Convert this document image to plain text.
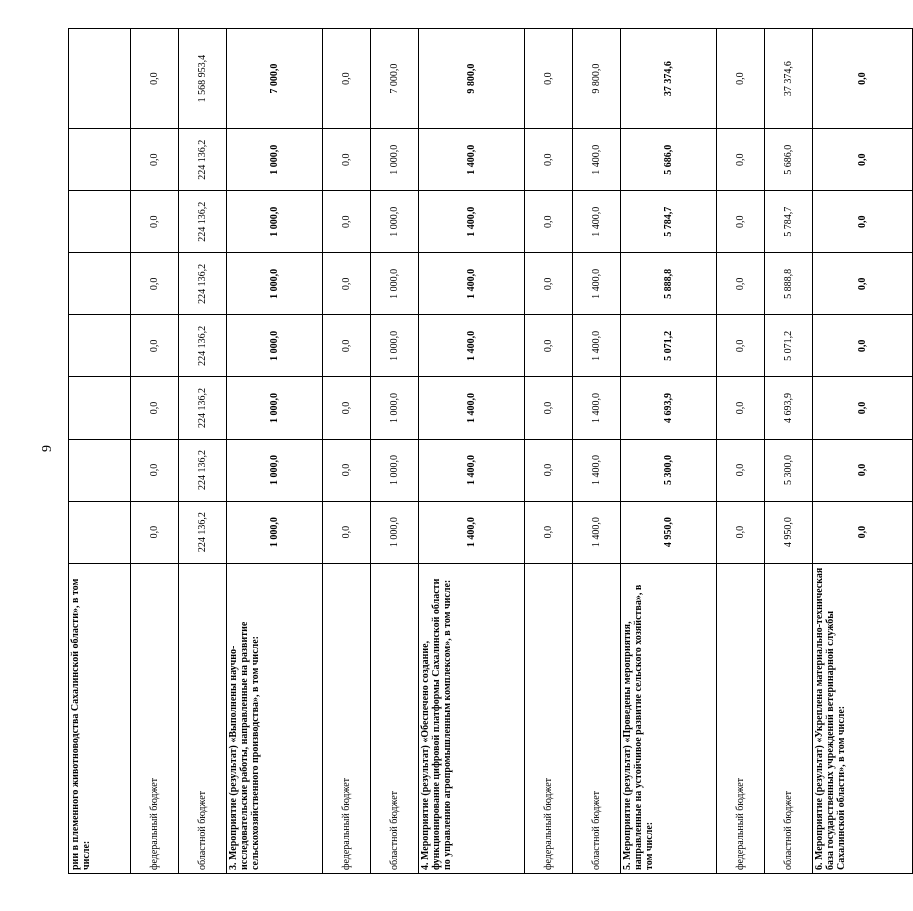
9
рии в племенного животноводства Сахалинской области», в том числе:								
федеральный бюджет	0,0	0,0	0,0	0,0	0,0	0,0	0,0	0,0
областной бюджет	224 136,2	224 136,2	224 136,2	224 136,2	224 136,2	224 136,2	224 136,2	1 568 953,4
3. Мероприятие (результат) «Выполнены научно-исследовательские работы, направленные на развитие сельскохозяйственного производства», в том числе:	1 000,0	1 000,0	1 000,0	1 000,0	1 000,0	1 000,0	1 000,0	7 000,0
федеральный бюджет	0,0	0,0	0,0	0,0	0,0	0,0	0,0	0,0
областной бюджет	1 000,0	1 000,0	1 000,0	1 000,0	1 000,0	1 000,0	1 000,0	7 000,0
4. Мероприятие (результат) «Обеспечено создание, функционирование цифровой платформы Сахалинской области по управлению агропромышленным комплексом», в том числе:	1 400,0	1 400,0	1 400,0	1 400,0	1 400,0	1 400,0	1 400,0	9 800,0
федеральный бюджет	0,0	0,0	0,0	0,0	0,0	0,0	0,0	0,0
областной бюджет	1 400,0	1 400,0	1 400,0	1 400,0	1 400,0	1 400,0	1 400,0	9 800,0
5. Мероприятие (результат) «Проведены мероприятия, направленные на устойчивое развитие сельского хозяйства», в том числе:	4 950,0	5 300,0	4 693,9	5 071,2	5 888,8	5 784,7	5 686,0	37 374,6
федеральный бюджет	0,0	0,0	0,0	0,0	0,0	0,0	0,0	0,0
областной бюджет	4 950,0	5 300,0	4 693,9	5 071,2	5 888,8	5 784,7	5 686,0	37 374,6
6. Мероприятие (результат) «Укреплена материально-техническая база государственных учреждений ветеринарной службы Сахалинской области», в том числе:	0,0	0,0	0,0	0,0	0,0	0,0	0,0	0,0
